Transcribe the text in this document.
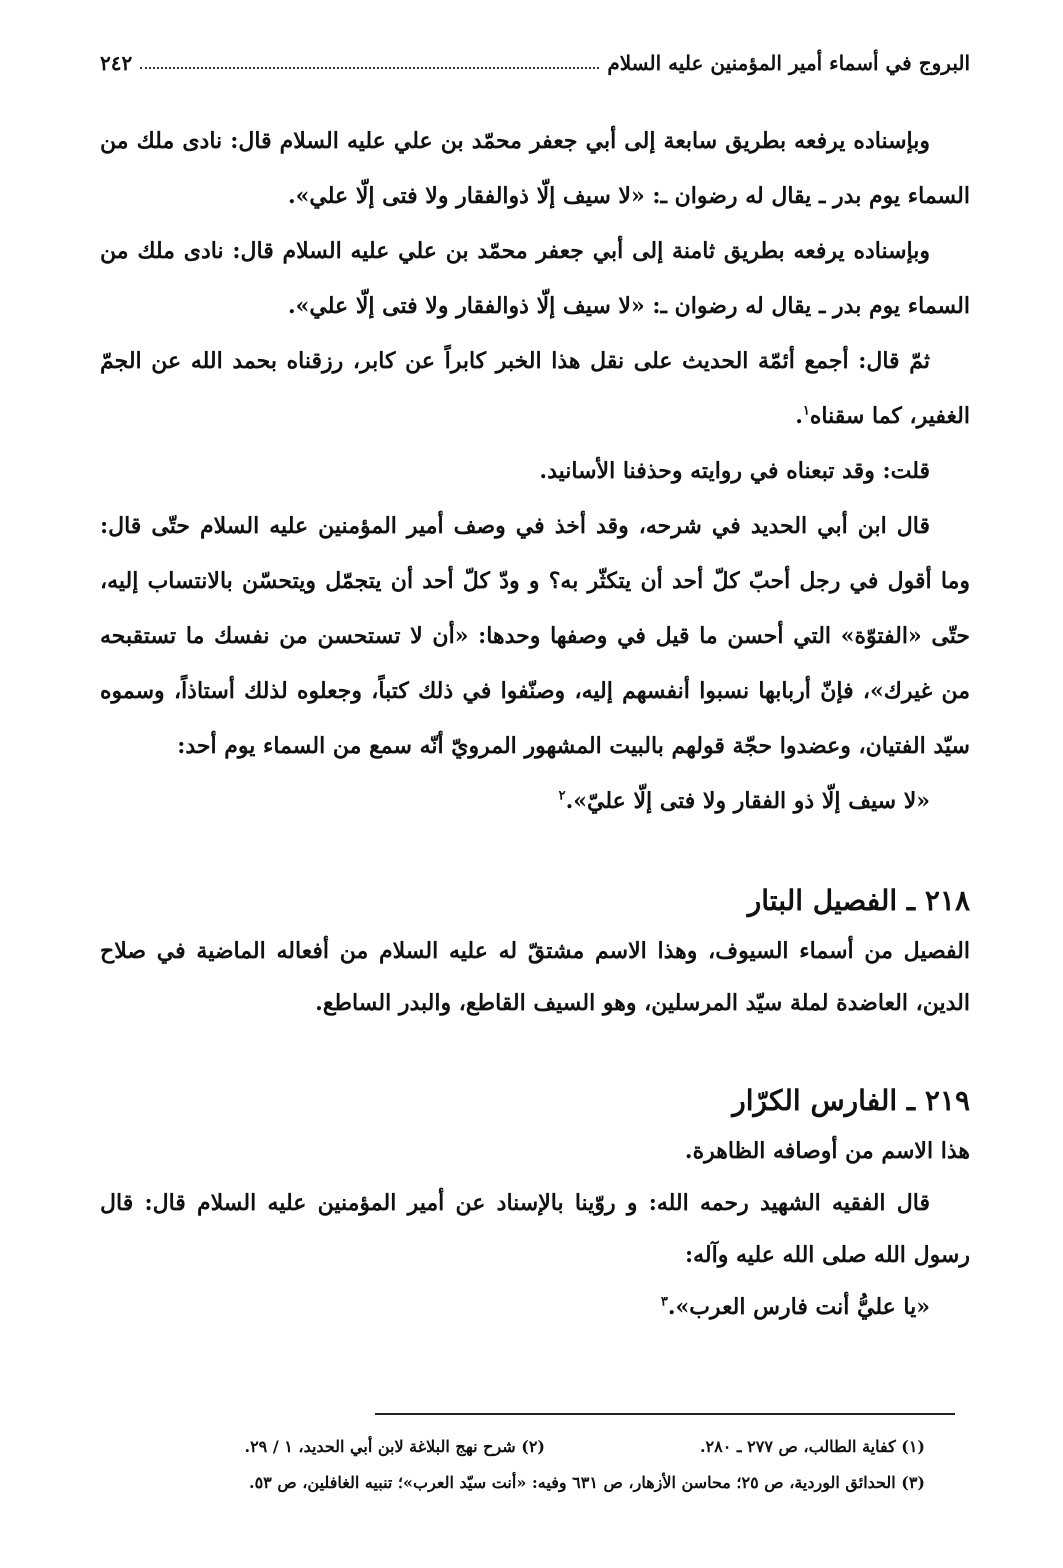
البروج في أسماء أمير المؤمنين عليه السلام
٢٤٢

وبإسناده يرفعه بطريق سابعة إلى أبي جعفر محمّد بن علي عليه السلام قال: نادى ملك من السماء يوم بدر ـ يقال له رضوان ـ: «لا سيف إلّا ذوالفقار ولا فتى إلّا علي».

وبإسناده يرفعه بطريق ثامنة إلى أبي جعفر محمّد بن علي عليه السلام قال: نادى ملك من السماء يوم بدر ـ يقال له رضوان ـ: «لا سيف إلّا ذوالفقار ولا فتى إلّا علي».

ثمّ قال: أجمع أئمّة الحديث على نقل هذا الخبر كابراً عن كابر، رزقناه بحمد الله عن الجمّ الغفير، كما سقناه$^١$.

قلت: وقد تبعناه في روايته وحذفنا الأسانيد.

قال ابن أبي الحديد في شرحه، وقد أخذ في وصف أمير المؤمنين عليه السلام حتّى قال: وما أقول في رجل أحبّ كلّ أحد أن يتكثّر به؟ و ودّ كلّ أحد أن يتجمّل ويتحسّن بالانتساب إليه، حتّى «الفتوّة» التي أحسن ما قيل في وصفها وحدها: «أن لا تستحسن من نفسك ما تستقبحه من غيرك»، فإنّ أربابها نسبوا أنفسهم إليه، وصنّفوا في ذلك كتباً، وجعلوه لذلك أستاذاً، وسموه سيّد الفتيان، وعضدوا حجّة قولهم بالبيت المشهور المرويّ أنّه سمع من السماء يوم أحد:

«لا سيف إلّا ذو الفقار ولا فتى إلّا عليّ».$^٢$

٢١٨ ـ الفصيل البتار

الفصيل من أسماء السيوف، وهذا الاسم مشتقّ له عليه السلام من أفعاله الماضية في صلاح الدين، العاضدة لملة سيّد المرسلين، وهو السيف القاطع، والبدر الساطع.

٢١٩ ـ الفارس الكرّار

هذا الاسم من أوصافه الظاهرة.

قال الفقيه الشهيد رحمه الله: و روّينا بالإسناد عن أمير المؤمنين عليه السلام قال: قال رسول الله صلى الله عليه وآله:

«يا عليُّ أنت فارس العرب».$^٣$

(١) كفاية الطالب، ص ٢٧٧ ـ ٢٨٠.
(٢) شرح نهج البلاغة لابن أبي الحديد، ١ / ٢٩.
(٣) الحدائق الوردية، ص ٢٥؛ محاسن الأزهار، ص ٦٣١ وفيه: «أنت سيّد العرب»؛ تنبيه الغافلين، ص ٥٣.
